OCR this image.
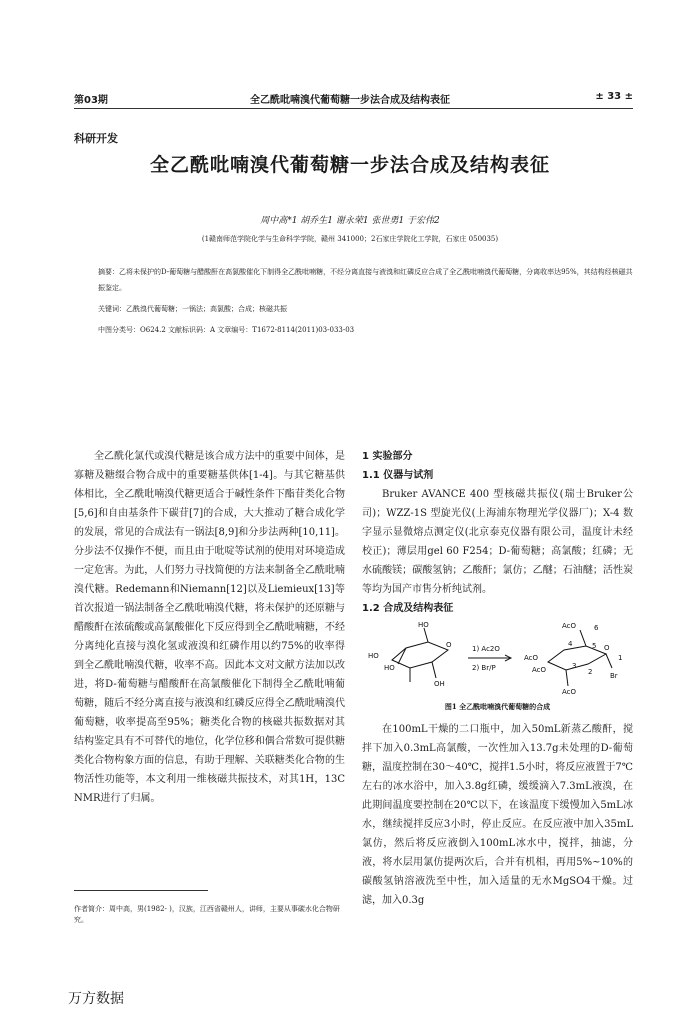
第03期	全乙酰吡喃溴代葡萄糖一步法合成及结构表征	± 33 ±
科研开发
全乙酰吡喃溴代葡萄糖一步法合成及结构表征
周中高*1 胡乔生1 谢永荣1 张世勇1 于宏伟2
(1赣南师范学院化学与生命科学学院，赣州 341000；2石家庄学院化工学院，石家庄 050035)
摘要：乙将未保护的D-葡萄糖与醋酸酐在高氯酸催化下制得全乙酰吡喃糖，不经分离直接与液溴和红磷反应合成了全乙酰吡喃溴代葡萄糖，分离收率达95%，其结构经核磁共振鉴定。
关键词：乙酰溴代葡萄糖；一锅法；高氯酸；合成；核磁共振
中图分类号：O624.2 文献标识码：A 文章编号：T1672-8114(2011)03-033-03

全乙酰化氯代或溴代糖是该合成方法中的重要中间体，是寡糖及糖缀合物合成中的重要糖基供体[1-4]。与其它糖基供体相比，全乙酰吡喃溴代糖更适合于碱性条件下酯苷类化合物[5,6]和自由基条件下碳苷[7]的合成，大大推动了糖合成化学的发展，常见的合成法有一锅法[8,9]和分步法两种[10,11]。分步法不仅操作不便，而且由于吡啶等试剂的使用对环境造成一定危害。为此，人们努力寻找简便的方法来制备全乙酰吡喃溴代糖。Redemann和Niemann[12]以及Liemieux[13]等首次报道一锅法制备全乙酰吡喃溴代糖，将未保护的还原糖与醋酸酐在浓硫酸或高氯酸催化下反应得到全乙酰吡喃糖，不经分离纯化直接与溴化氢或液溴和红磷作用以约75%的收率得到全乙酰吡喃溴代糖，收率不高。因此本文对文献方法加以改进，将D-葡萄糖与醋酸酐在高氯酸催化下制得全乙酰吡喃葡萄糖，随后不经分离直接与液溴和红磷反应得全乙酰吡喃溴代葡萄糖，收率提高至95%；糖类化合物的核磁共振数据对其结构鉴定具有不可替代的地位，化学位移和偶合常数可提供糖类化合物构象方面的信息，有助于理解、关联糖类化合物的生物活性功能等，本文利用一维核磁共振技术，对其1H，13C NMR进行了归属。

作者简介：周中高，男(1982- )，汉族，江西省赣州人，讲师，主要从事碳水化合物研究。
1 实验部分
1.1 仪器与试剂

Bruker AVANCE 400 型核磁共振仪(瑞士Bruker公司)；WZZ-1S 型旋光仪(上海浦东物理光学仪器厂)；X-4 数字显示显微熔点测定仪(北京泰克仪器有限公司，温度计未经校正)；薄层用gel 60 F254；D-葡萄糖；高氯酸；红磷；无水硫酸镁；碳酸氢钠；乙酸酐；氯仿；乙醚；石油醚；活性炭等均为国产市售分析纯试剂。

1.2 合成及结构表征
HO
HO
HO
OH
O	1) Ac2O
2) Br/P
AcO
AcO
AcO
AcO
O
Br
6
5
4
3
2
1
图1 全乙酰吡喃溴代葡萄糖的合成

在100mL干燥的二口瓶中，加入50mL新蒸乙酸酐，搅拌下加入0.3mL高氯酸，一次性加入13.7g未处理的D-葡萄糖，温度控制在30～40℃，搅拌1.5小时，将反应液置于7℃左右的冰水浴中，加入3.8g红磷，缓缓滴入7.3mL液溴，在此期间温度要控制在20℃以下，在该温度下缓慢加入5mL冰水，继续搅拌反应3小时，停止反应。在反应液中加入35mL氯仿，然后将反应液倒入100mL冰水中，搅拌，抽滤，分液，将水层用氯仿提两次后，合并有机相，再用5%~10%的碳酸氢钠溶液洗至中性，加入适量的无水MgSO4干燥。过滤，加入0.3g

万方数据
